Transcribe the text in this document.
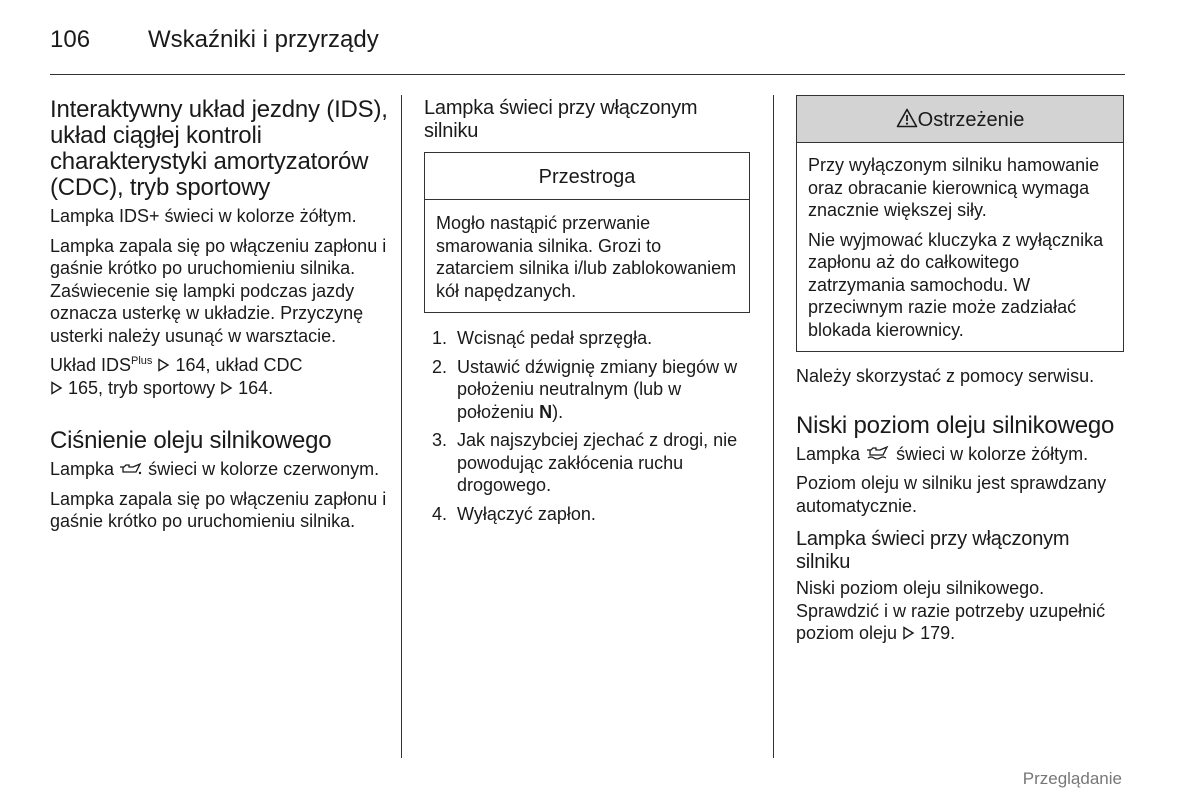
106 Wskaźniki i przyrządy
Interaktywny układ jezdny (IDS), układ ciągłej kontroli charakterystyki amortyzatorów (CDC), tryb sportowy

Lampka IDS+ świeci w kolorze żółtym.

Lampka zapala się po włączeniu zapłonu i gaśnie krótko po uruchomieniu silnika. Zaświecenie się lampki podczas jazdy oznacza usterkę w układzie. Przyczynę usterki należy usunąć w warsztacie.

Układ $IDS^{Plus}$ 164, układ CDC
165, tryb sportowy 164.

Ciśnienie oleju silnikowego

Lampka świeci w kolorze czerwonym.

Lampka zapala się po włączeniu zapłonu i gaśnie krótko po uruchomieniu silnika.

Lampka świeci przy włączonym silniku
Przestroga
Mogło nastąpić przerwanie smarowania silnika. Grozi to zatarciem silnika i/lub zablokowaniem kół napędzanych.
1. Wcisnąć pedał sprzęgła.
2. Ustawić dźwignię zmiany biegów w położeniu neutralnym (lub w położeniu N).
3. Jak najszybciej zjechać z drogi, nie powodując zakłócenia ruchu drogowego.
4. Wyłączyć zapłon.
Ostrzeżenie

Przy wyłączonym silniku hamowanie oraz obracanie kierownicą wymaga znacznie większej siły.

Nie wyjmować kluczyka z wyłącznika zapłonu aż do całkowitego zatrzymania samochodu. W przeciwnym razie może zadziałać blokada kierownicy.

Należy skorzystać z pomocy serwisu.

Niski poziom oleju silnikowego

Lampka świeci w kolorze żółtym.

Poziom oleju w silniku jest sprawdzany automatycznie.

Lampka świeci przy włączonym silniku

Niski poziom oleju silnikowego. Sprawdzić i w razie potrzeby uzupełnić poziom oleju 179.

Przeglądanie
